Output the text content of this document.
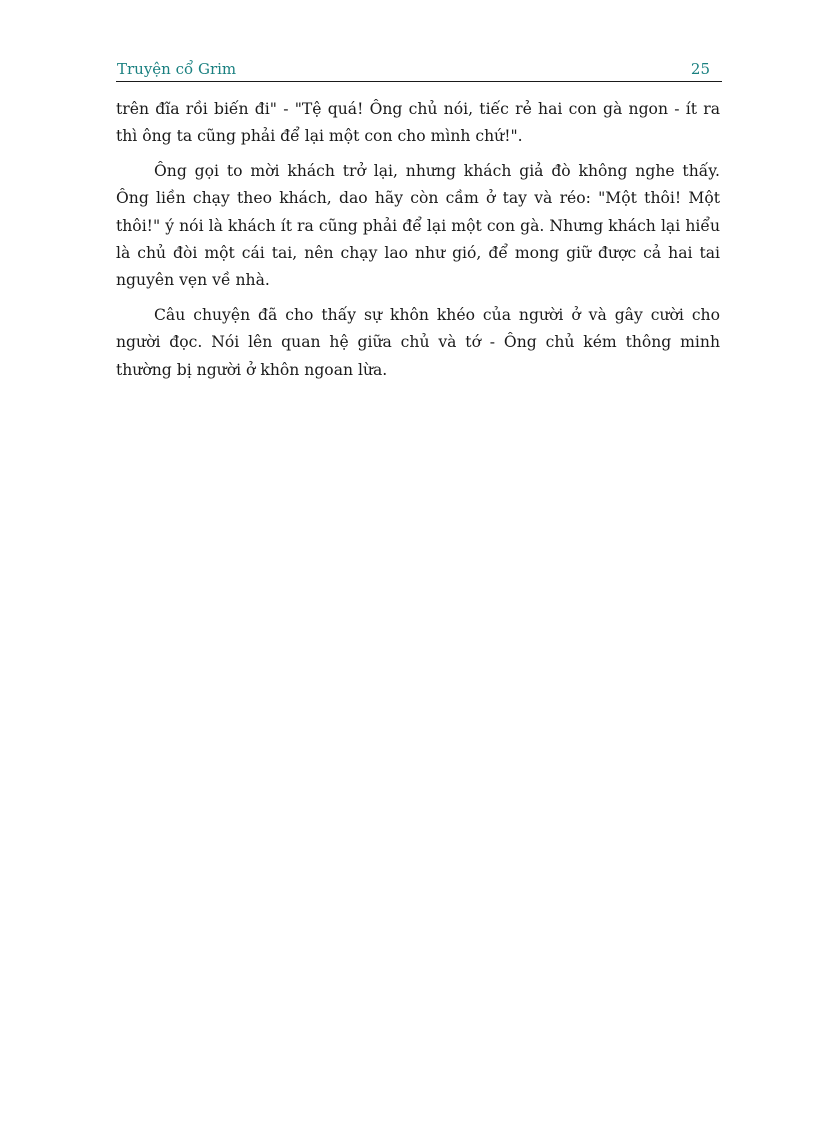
Truyện cổ Grim	25

trên đĩa rồi biến đi" - "Tệ quá! Ông chủ nói, tiếc rẻ hai con gà ngon - ít ra thì ông ta cũng phải để lại một con cho mình chứ!".

Ông gọi to mời khách trở lại, nhưng khách giả đò không nghe thấy. Ông liền chạy theo khách, dao hãy còn cầm ở tay và réo: "Một thôi! Một thôi!" ý nói là khách ít ra cũng phải để lại một con gà. Nhưng khách lại hiểu là chủ đòi một cái tai, nên chạy lao như gió, để mong giữ được cả hai tai nguyên vẹn về nhà.

Câu chuyện đã cho thấy sự khôn khéo của người ở và gây cười cho người đọc. Nói lên quan hệ giữa chủ và tớ - Ông chủ kém thông minh thường bị người ở khôn ngoan lừa.
